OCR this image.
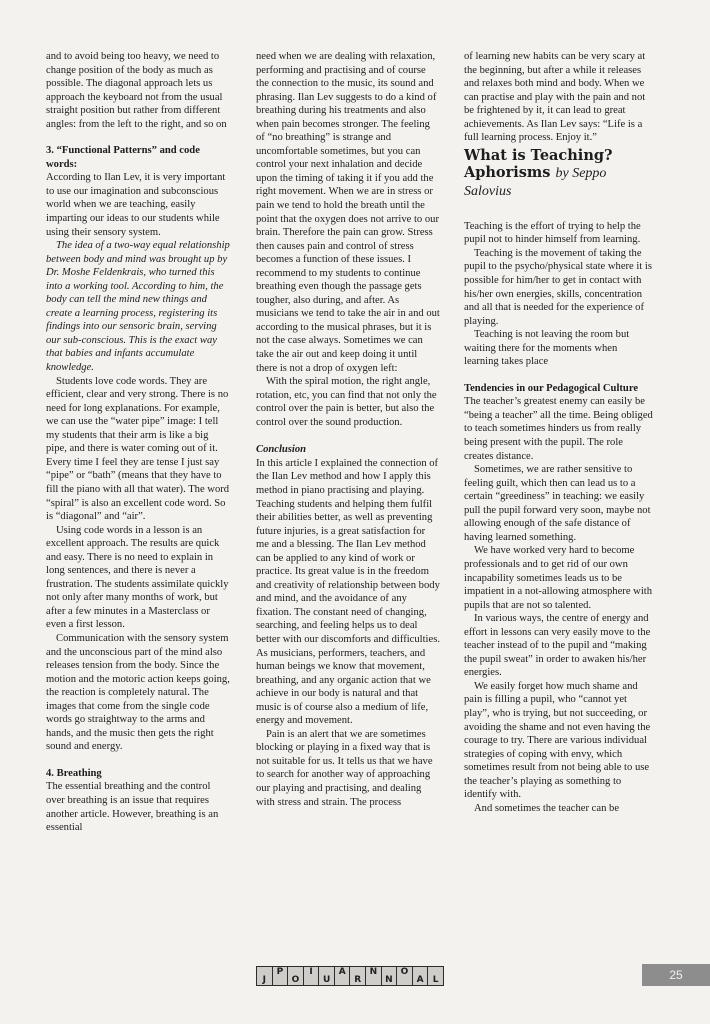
and to avoid being too heavy, we need to change position of the body as much as possible. The diagonal approach lets us approach the keyboard not from the usual straight position but rather from different angles: from the left to the right, and so on

3. “Functional Patterns” and code words:

According to Ilan Lev, it is very important to use our imagination and subconscious world when we are teaching, easily imparting our ideas to our students while using their sensory system.

The idea of a two-way equal relationship between body and mind was brought up by Dr. Moshe Feldenkrais, who turned this into a working tool. According to him, the body can tell the mind new things and create a learning process, registering its findings into our sensoric brain, serving our sub-conscious. This is the exact way that babies and infants accumulate knowledge.

Students love code words. They are efficient, clear and very strong. There is no need for long explanations. For example, we can use the “water pipe” image: I tell my students that their arm is like a big pipe, and there is water coming out of it. Every time I feel they are tense I just say “pipe” or “bath” (means that they have to fill the piano with all that water). The word “spiral” is also an excellent code word. So is “diagonal” and “air”.

Using code words in a lesson is an excellent approach. The results are quick and easy. There is no need to explain in long sentences, and there is never a frustration. The students assimilate quickly not only after many months of work, but after a few minutes in a Masterclass or even a first lesson.

Communication with the sensory system and the unconscious part of the mind also releases tension from the body. Since the motion and the motoric action keeps going, the reaction is completely natural. The images that come from the single code words go straightway to the arms and hands, and the music then gets the right sound and energy.

4. Breathing

The essential breathing and the control over breathing is an issue that requires another article. However, breathing is an essential

need when we are dealing with relaxation, performing and practising and of course the connection to the music, its sound and phrasing. Ilan Lev suggests to do a kind of breathing during his treatments and also when pain becomes stronger. The feeling of “no breathing” is strange and uncomfortable sometimes, but you can control your next inhalation and decide upon the timing of taking it if you add the right movement. When we are in stress or pain we tend to hold the breath until the point that the oxygen does not arrive to our brain. Therefore the pain can grow. Stress then causes pain and control of stress becomes a function of these issues. I recommend to my students to continue breathing even though the passage gets tougher, also during, and after. As musicians we tend to take the air in and out according to the musical phrases, but it is not the case always. Sometimes we can take the air out and keep doing it until there is not a drop of oxygen left:

With the spiral motion, the right angle, rotation, etc, you can find that not only the control over the pain is better, but also the control over the sound production.

Conclusion

In this article I explained the connection of the Ilan Lev method and how I apply this method in piano practising and playing. Teaching students and helping them fulfil their abilities better, as well as preventing future injuries, is a great satisfaction for me and a blessing. The Ilan Lev method can be applied to any kind of work or practice. Its great value is in the freedom and creativity of relationship between body and mind, and the avoidance of any fixation. The constant need of changing, searching, and feeling helps us to deal better with our discomforts and difficulties. As musicians, performers, teachers, and human beings we know that movement, breathing, and any organic action that we achieve in our body is natural and that music is of course also a medium of life, energy and movement.

Pain is an alert that we are sometimes blocking or playing in a fixed way that is not suitable for us. It tells us that we have to search for another way of approaching our playing and practising, and dealing with stress and strain. The process

of learning new habits can be very scary at the beginning, but after a while it releases and relaxes both mind and body. When we can practise and play with the pain and not be frightened by it, it can lead to great achievements. As Ilan Lev says: “Life is a full learning process. Enjoy it.”

What is Teaching? Aphorisms by Seppo Salovius

Teaching is the effort of trying to help the pupil not to hinder himself from learning.

Teaching is the movement of taking the pupil to the psycho/physical state where it is possible for him/her to get in contact with his/her own energies, skills, concentration and all that is needed for the experience of playing.

Teaching is not leaving the room but waiting there for the moments when learning takes place

Tendencies in our Pedagogical Culture

The teacher’s greatest enemy can easily be “being a teacher” all the time. Being obliged to teach sometimes hinders us from really being present with the pupil. The role creates distance.

Sometimes, we are rather sensitive to feeling guilt, which then can lead us to a certain “greediness” in teaching: we easily pull the pupil forward very soon, maybe not allowing enough of the safe distance of having learned something.

We have worked very hard to become professionals and to get rid of our own incapability sometimes leads us to be impatient in a not-allowing atmosphere with pupils that are not so talented.

In various ways, the centre of energy and effort in lessons can very easily move to the teacher instead of to the pupil and “making the pupil sweat” in order to awaken his/her energies.

We easily forget how much shame and pain is filling a pupil, who “cannot yet play”, who is trying, but not succeeding, or avoiding the shame and not even having the courage to try. There are various individual strategies of coping with envy, which sometimes result from not being able to use the teacher’s playing as something to identify with.

And sometimes the teacher can be

J
P
O
I
U
A
R
N
N
O
A	L	25
